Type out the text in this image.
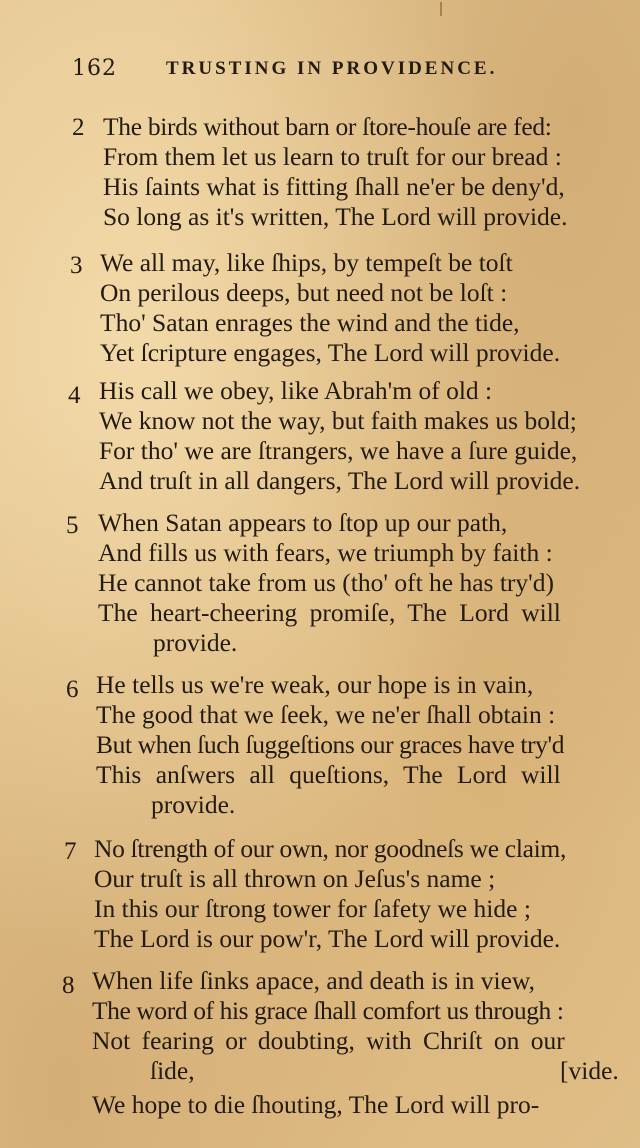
162	TRUSTING IN PROVIDENCE.
2 The birds without barn or ſtore-houſe are fed:
From them let us learn to truſt for our bread :
His ſaints what is fitting ſhall ne'er be deny'd,
So long as it's written, The Lord will provide.
3 We all may, like ſhips, by tempeſt be toſt
On perilous deeps, but need not be loſt :
Tho' Satan enrages the wind and the tide,
Yet ſcripture engages, The Lord will provide.
4 His call we obey, like Abrah'm of old :
We know not the way, but faith makes us bold;
For tho' we are ſtrangers, we have a ſure guide,
And truſt in all dangers, The Lord will provide.
5 When Satan appears to ſtop up our path,
And fills us with fears, we triumph by faith :
He cannot take from us (tho' oft he has try'd)
The heart-cheering promiſe, The Lord will
provide.
6 He tells us we're weak, our hope is in vain,
The good that we ſeek, we ne'er ſhall obtain :
But when ſuch ſuggeſtions our graces have try'd
This anſwers all queſtions, The Lord will
provide.
7 No ſtrength of our own, nor goodneſs we claim,
Our truſt is all thrown on Jeſus's name ;
In this our ſtrong tower for ſafety we hide ;
The Lord is our pow'r, The Lord will provide.
8 When life ſinks apace, and death is in view,
The word of his grace ſhall comfort us through :
Not fearing or doubting, with Chriſt on our
ſide,	[vide.
We hope to die ſhouting, The Lord will pro-
